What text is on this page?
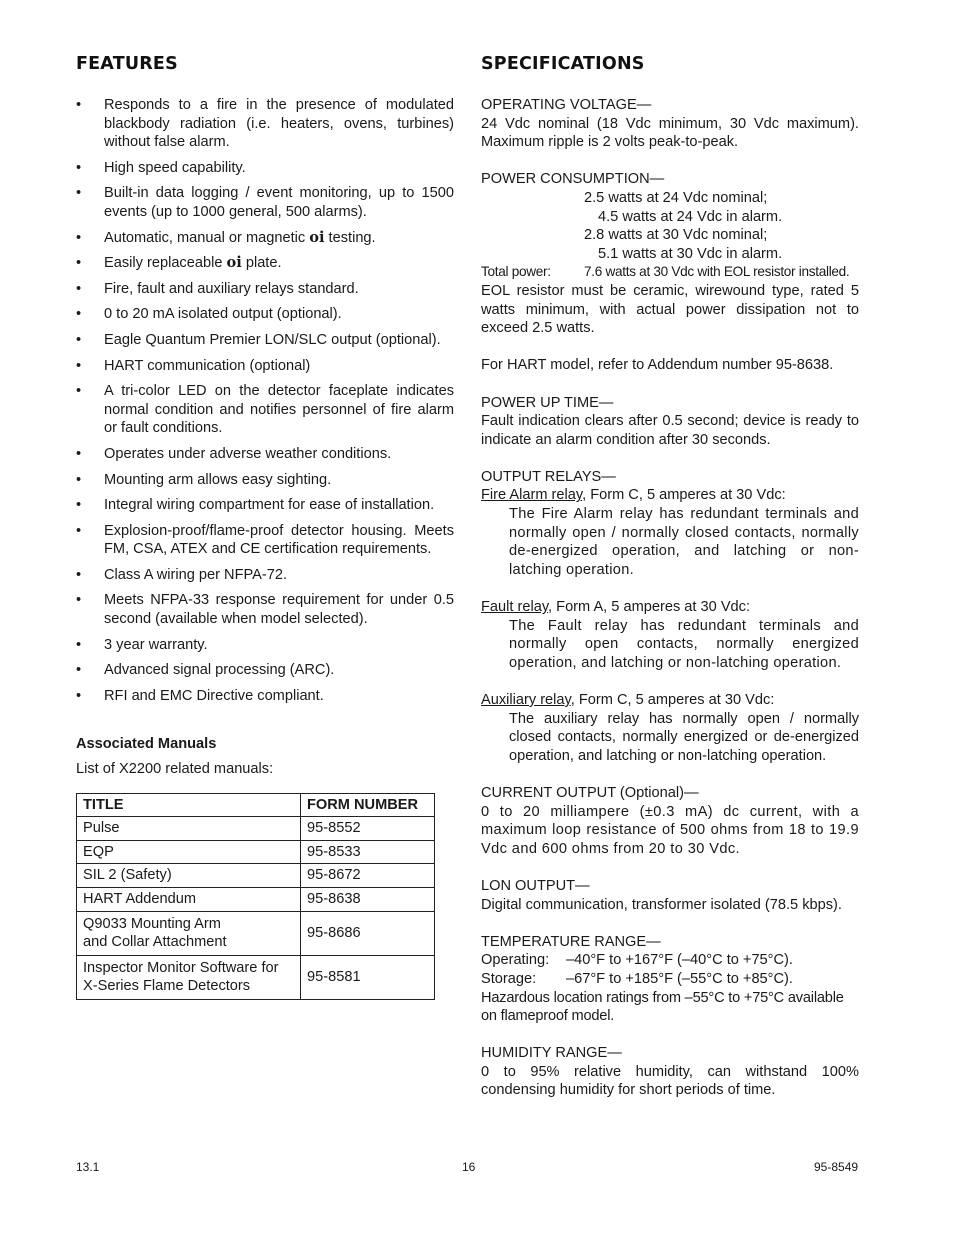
FEATURES
• Responds to a fire in the presence of modulated blackbody radiation (i.e. heaters, ovens, turbines) without false alarm.
• High speed capability.
• Built-in data logging / event monitoring, up to 1500 events (up to 1000 general, 500 alarms).
• Automatic, manual or magnetic oi testing.
• Easily replaceable oi plate.
• Fire, fault and auxiliary relays standard.
• 0 to 20 mA isolated output (optional).
• Eagle Quantum Premier LON/SLC output (optional).
• HART communication (optional)
• A tri-color LED on the detector faceplate indicates normal condition and notifies personnel of fire alarm or fault conditions.
• Operates under adverse weather conditions.
• Mounting arm allows easy sighting.
• Integral wiring compartment for ease of installation.
• Explosion-proof/flame-proof detector housing. Meets FM, CSA, ATEX and CE certification requirements.
• Class A wiring per NFPA-72.
• Meets NFPA-33 response requirement for under 0.5 second (available when model selected).
• 3 year warranty.
• Advanced signal processing (ARC).
• RFI and EMC Directive compliant.
Associated Manuals

List of X2200 related manuals:

TITLE	FORM NUMBER
Pulse	95-8552
EQP	95-8533
SIL 2 (Safety)	95-8672
HART Addendum	95-8638
Q9033 Mounting Arm
and Collar Attachment	95-8686
Inspector Monitor Software for
X-Series Flame Detectors	95-8581
SPECIFICATIONS
OPERATING VOLTAGE—

24 Vdc nominal (18 Vdc minimum, 30 Vdc maximum). Maximum ripple is 2 volts peak-to-peak.

POWER CONSUMPTION—
2.5 watts at 24 Vdc nominal;
4.5 watts at 24 Vdc in alarm.
2.8 watts at 30 Vdc nominal;
5.1 watts at 30 Vdc in alarm.
Total power:	7.6 watts at 30 Vdc with EOL resistor installed.

EOL resistor must be ceramic, wirewound type, rated 5 watts minimum, with actual power dissipation not to exceed 2.5 watts.

For HART model, refer to Addendum number 95-8638.

POWER UP TIME—

Fault indication clears after 0.5 second; device is ready to indicate an alarm condition after 30 seconds.

OUTPUT RELAYS—

Fire Alarm relay, Form C, 5 amperes at 30 Vdc:

The Fire Alarm relay has redundant terminals and normally open / normally closed contacts, normally de-energized operation, and latching or non-latching operation.

Fault relay, Form A, 5 amperes at 30 Vdc:

The Fault relay has redundant terminals and normally open contacts, normally energized operation, and latching or non-latching operation.

Auxiliary relay, Form C, 5 amperes at 30 Vdc:

The auxiliary relay has normally open / normally closed contacts, normally energized or de-energized operation, and latching or non-latching operation.

CURRENT OUTPUT (Optional)—

0 to 20 milliampere (±0.3 mA) dc current, with a maximum loop resistance of 500 ohms from 18 to 19.9 Vdc and 600 ohms from 20 to 30 Vdc.

LON OUTPUT—

Digital communication, transformer isolated (78.5 kbps).

TEMPERATURE RANGE—
Operating:	–40°F to +167°F (–40°C to +75°C).
Storage:	–67°F to +185°F (–55°C to +85°C).

Hazardous location ratings from –55°C to +75°C available on flameproof model.

HUMIDITY RANGE—

0 to 95% relative humidity, can withstand 100% condensing humidity for short periods of time.

13.1	16	95-8549
